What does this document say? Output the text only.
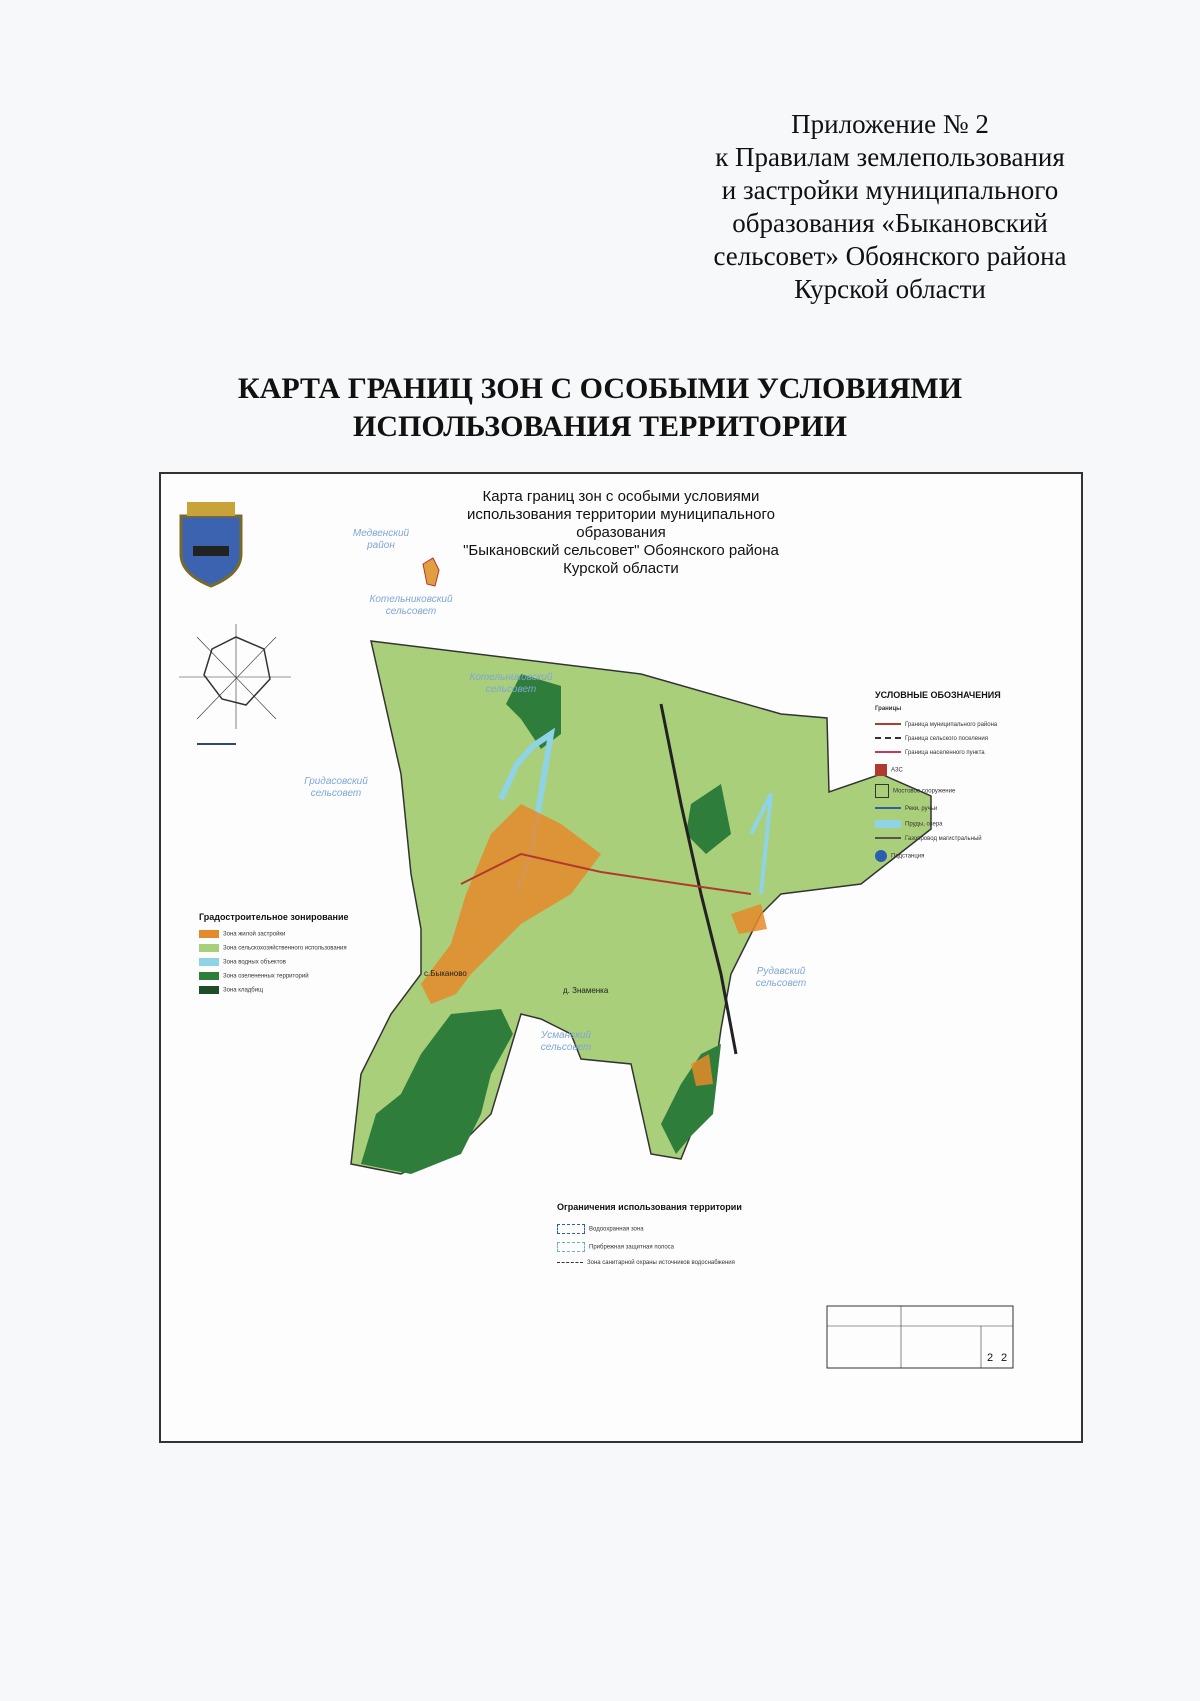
Приложение № 2
к Правилам землепользования
и застройки муниципального
образования «Быкановский
сельсовет» Обоянского района
Курской области
КАРТА ГРАНИЦ ЗОН С ОСОБЫМИ УСЛОВИЯМИ
ИСПОЛЬЗОВАНИЯ ТЕРРИТОРИИ
Карта границ зон с особыми условиями
использования территории муниципального образования
"Быкановский сельсовет" Обоянского района
Курской области
Медвенский район
Котельниковский сельсовет
Котельниковский сельсовет
Гридасовский сельсовет
Рудавский сельсовет
Усманский сельсовет
с.Быканово
д. Знаменка
Градостроительное зонирование
Зона жилой застройки
Зона сельскохозяйственного использования
Зона водных объектов
Зона озелененных территорий
Зона кладбищ
УСЛОВНЫЕ ОБОЗНАЧЕНИЯ
Границы
Граница муниципального района
Граница сельского поселения
Граница населенного пункта
АЗС
Мостовое сооружение
Реки, ручьи
Пруды, озера
Газопровод магистральный
Подстанция
Ограничения использования территории
Водоохранная зона
Прибрежная защитная полоса
Зона санитарной охраны источников водоснабжения
2 2
